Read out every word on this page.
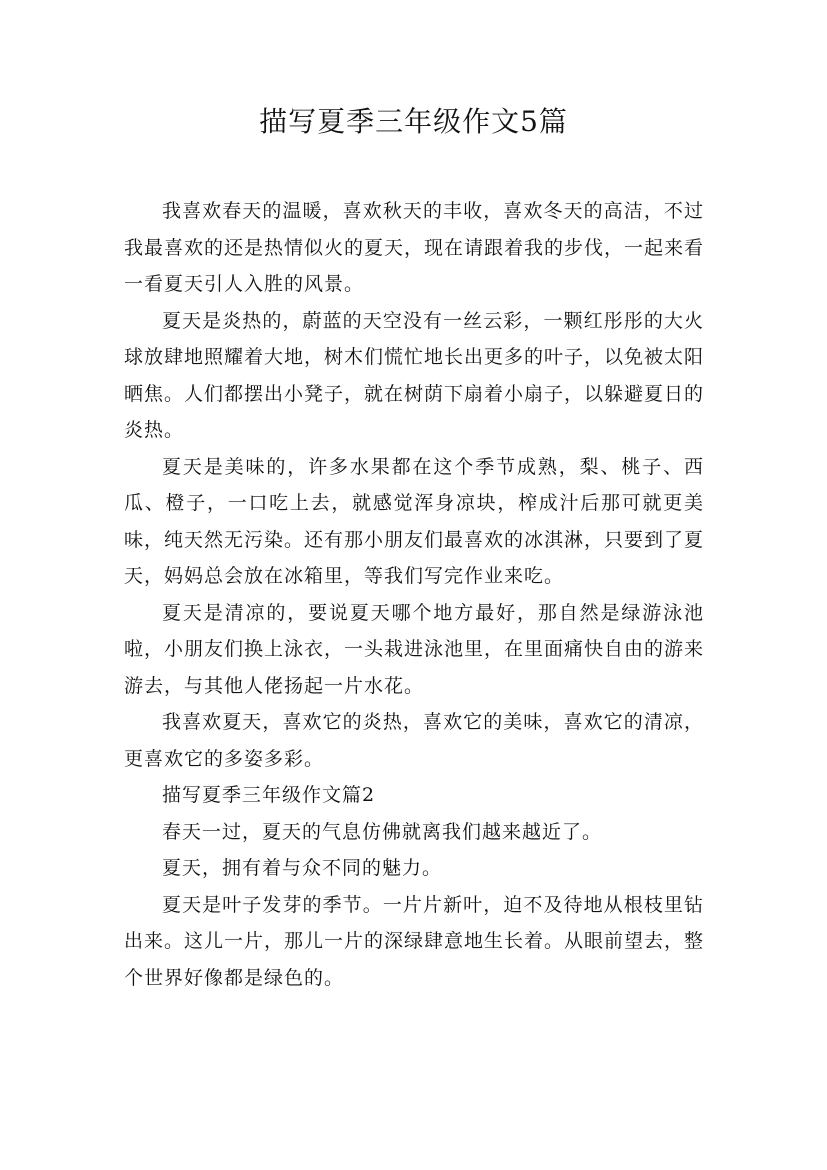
描写夏季三年级作文5篇

我喜欢春天的温暖，喜欢秋天的丰收，喜欢冬天的高洁，不过我最喜欢的还是热情似火的夏天，现在请跟着我的步伐，一起来看一看夏天引人入胜的风景。

夏天是炎热的，蔚蓝的天空没有一丝云彩，一颗红彤彤的大火球放肆地照耀着大地，树木们慌忙地长出更多的叶子，以免被太阳晒焦。人们都摆出小凳子，就在树荫下扇着小扇子，以躲避夏日的炎热。

夏天是美味的，许多水果都在这个季节成熟，梨、桃子、西瓜、橙子，一口吃上去，就感觉浑身凉块，榨成汁后那可就更美味，纯天然无污染。还有那小朋友们最喜欢的冰淇淋，只要到了夏天，妈妈总会放在冰箱里，等我们写完作业来吃。

夏天是清凉的，要说夏天哪个地方最好，那自然是绿游泳池啦，小朋友们换上泳衣，一头栽进泳池里，在里面痛快自由的游来游去，与其他人佬扬起一片水花。

我喜欢夏天，喜欢它的炎热，喜欢它的美味，喜欢它的清凉，更喜欢它的多姿多彩。

描写夏季三年级作文篇2

春天一过，夏天的气息仿佛就离我们越来越近了。

夏天，拥有着与众不同的魅力。

夏天是叶子发芽的季节。一片片新叶，迫不及待地从根枝里钻出来。这儿一片，那儿一片的深绿肆意地生长着。从眼前望去，整个世界好像都是绿色的。
